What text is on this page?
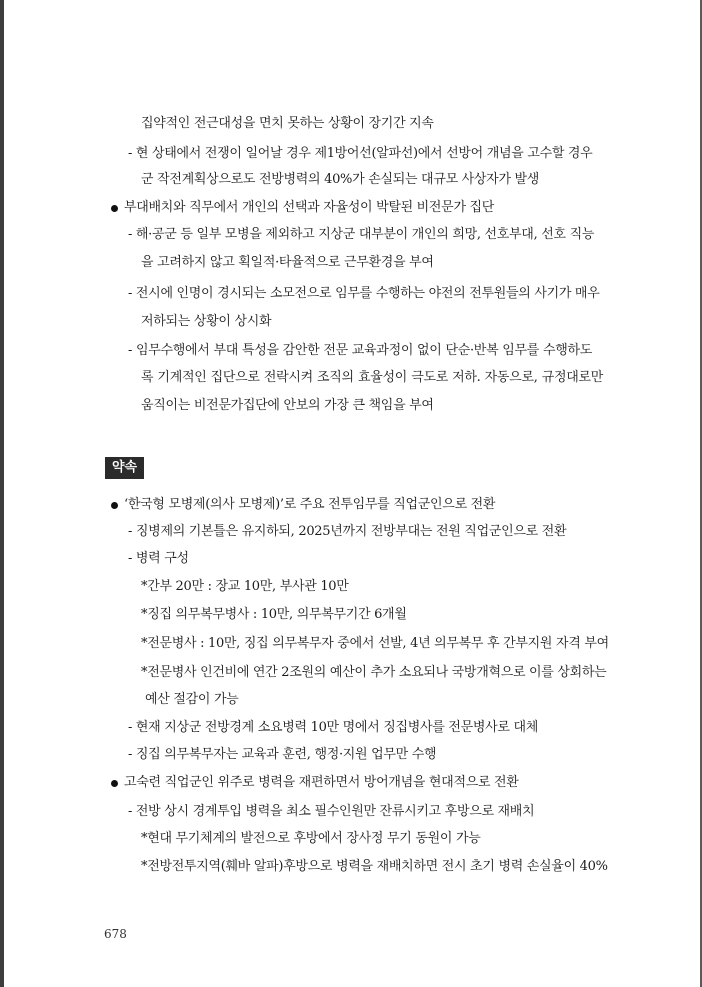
집약적인 전근대성을 면치 못하는 상황이 장기간 지속
- 현 상태에서 전쟁이 일어날 경우 제1방어선(알파선)에서 선방어 개념을 고수할 경우
군 작전계획상으로도 전방병력의 40%가 손실되는 대규모 사상자가 발생
부대배치와 직무에서 개인의 선택과 자율성이 박탈된 비전문가 집단
- 해·공군 등 일부 모병을 제외하고 지상군 대부분이 개인의 희망, 선호부대, 선호 직능
을 고려하지 않고 획일적·타율적으로 근무환경을 부여
- 전시에 인명이 경시되는 소모전으로 임무를 수행하는 야전의 전투원들의 사기가 매우
저하되는 상황이 상시화
- 임무수행에서 부대 특성을 감안한 전문 교육과정이 없이 단순·반복 임무를 수행하도
록 기계적인 집단으로 전락시켜 조직의 효율성이 극도로 저하. 자동으로, 규정대로만
움직이는 비전문가집단에 안보의 가장 큰 책임을 부여
약속
‘한국형 모병제(의사 모병제)’로 주요 전투임무를 직업군인으로 전환
- 징병제의 기본틀은 유지하되, 2025년까지 전방부대는 전원 직업군인으로 전환
- 병력 구성
*간부 20만 : 장교 10만, 부사관 10만
*징집 의무복무병사 : 10만, 의무복무기간 6개월
*전문병사 : 10만, 징집 의무복무자 중에서 선발, 4년 의무복무 후 간부지원 자격 부여
*전문병사 인건비에 연간 2조원의 예산이 추가 소요되나 국방개혁으로 이를 상회하는
예산 절감이 가능
- 현재 지상군 전방경계 소요병력 10만 명에서 징집병사를 전문병사로 대체
- 징집 의무복무자는 교육과 훈련, 행정·지원 업무만 수행
고숙련 직업군인 위주로 병력을 재편하면서 방어개념을 현대적으로 전환
- 전방 상시 경계투입 병력을 최소 필수인원만 잔류시키고 후방으로 재배치
*현대 무기체계의 발전으로 후방에서 장사정 무기 동원이 가능
*전방전투지역(훼바 알파)후방으로 병력을 재배치하면 전시 초기 병력 손실율이 40%
678
